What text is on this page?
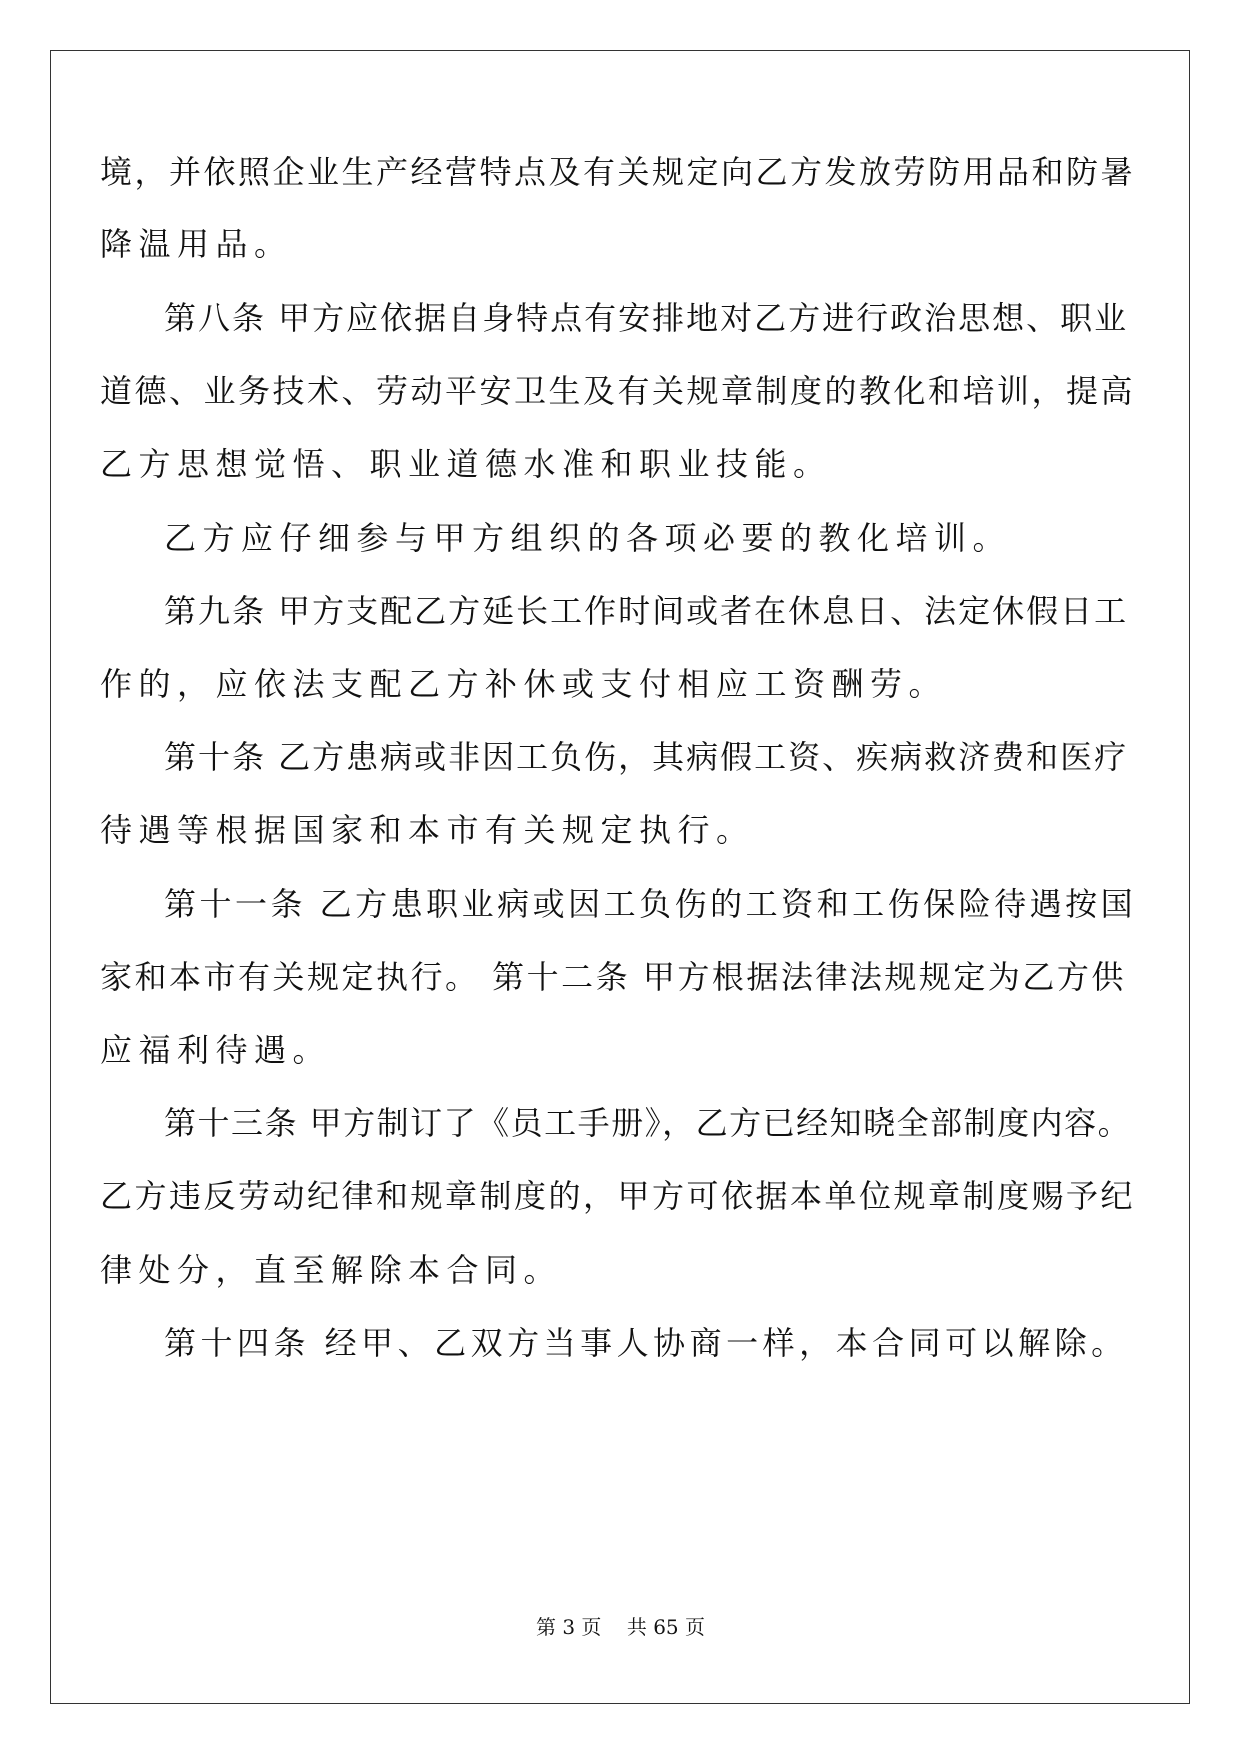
境，并依照企业生产经营特点及有关规定向乙方发放劳防用品和防暑
降温用品。
第八条 甲方应依据自身特点有安排地对乙方进行政治思想、职业
道德、业务技术、劳动平安卫生及有关规章制度的教化和培训，提高
乙方思想觉悟、职业道德水准和职业技能。
乙方应仔细参与甲方组织的各项必要的教化培训。
第九条 甲方支配乙方延长工作时间或者在休息日、法定休假日工
作的，应依法支配乙方补休或支付相应工资酬劳。
第十条 乙方患病或非因工负伤，其病假工资、疾病救济费和医疗
待遇等根据国家和本市有关规定执行。
第十一条 乙方患职业病或因工负伤的工资和工伤保险待遇按国
家和本市有关规定执行。 第十二条 甲方根据法律法规规定为乙方供
应福利待遇。
第十三条 甲方制订了《员工手册》，乙方已经知晓全部制度内容。
乙方违反劳动纪律和规章制度的，甲方可依据本单位规章制度赐予纪
律处分，直至解除本合同。
第十四条 经甲、乙双方当事人协商一样，本合同可以解除。
第 3 页    共 65 页
